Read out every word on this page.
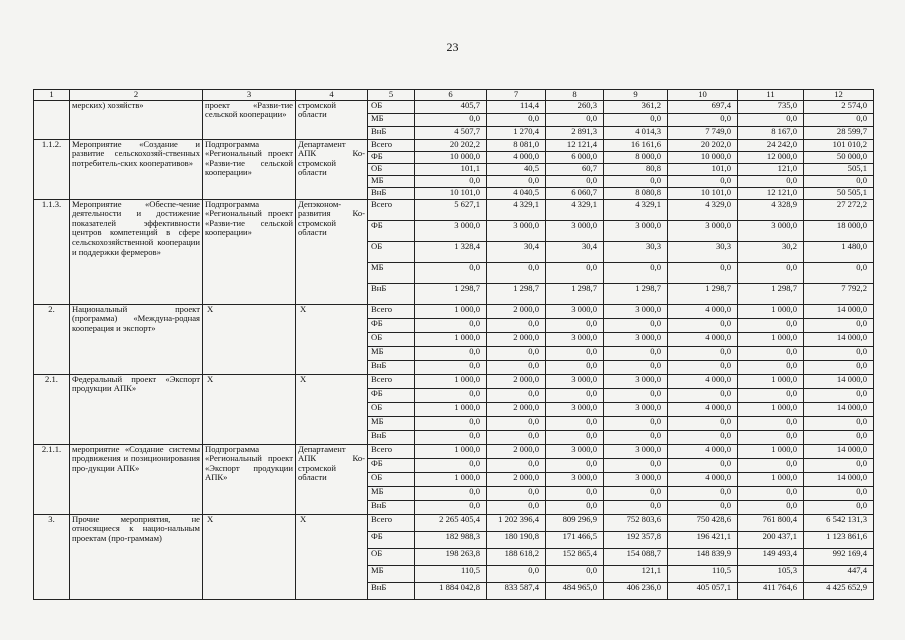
23
1	2	3	4	5	6	7	8	9	10	11	12
	мерских) хозяйств»	проект «Разви-тие сельской кооперации»	стромской области	ОБ	405,7	114,4	260,3	361,2	697,4	735,0	2 574,0
				МБ	0,0	0,0	0,0	0,0	0,0	0,0	0,0
				ВнБ	4 507,7	1 270,4	2 891,3	4 014,3	7 749,0	8 167,0	28 599,7
1.1.2.	Мероприятие «Создание и развитие сельскохозяй-ственных потребитель-ских кооперативов»	Подпрограмма «Региональный проект «Разви-тие сельской кооперации»	Департамент АПК Ко-стромской области	Всего	20 202,2	8 081,0	12 121,4	16 161,6	20 202,0	24 242,0	101 010,2
				ФБ	10 000,0	4 000,0	6 000,0	8 000,0	10 000,0	12 000,0	50 000,0
				ОБ	101,1	40,5	60,7	80,8	101,0	121,0	505,1
				МБ	0,0	0,0	0,0	0,0	0,0	0,0	0,0
				ВнБ	10 101,0	4 040,5	6 060,7	8 080,8	10 101,0	12 121,0	50 505,1
1.1.3.	Мероприятие «Обеспе-чение деятельности и достижение показателей эффективности центров компетенций в сфере сельскохозяйственной кооперации и поддержки фермеров»	Подпрограмма «Региональный проект «Разви-тие сельской кооперации»	Депэконом-развития Ко-стромской области	Всего	5 627,1	4 329,1	4 329,1	4 329,1	4 329,0	4 328,9	27 272,2
				ФБ	3 000,0	3 000,0	3 000,0	3 000,0	3 000,0	3 000,0	18 000,0
				ОБ	1 328,4	30,4	30,4	30,3	30,3	30,2	1 480,0
				МБ	0,0	0,0	0,0	0,0	0,0	0,0	0,0
				ВнБ	1 298,7	1 298,7	1 298,7	1 298,7	1 298,7	1 298,7	7 792,2
2.	Национальный проект (программа) «Междуна-родная кооперация и экспорт»	Х	Х	Всего	1 000,0	2 000,0	3 000,0	3 000,0	4 000,0	1 000,0	14 000,0
				ФБ	0,0	0,0	0,0	0,0	0,0	0,0	0,0
				ОБ	1 000,0	2 000,0	3 000,0	3 000,0	4 000,0	1 000,0	14 000,0
				МБ	0,0	0,0	0,0	0,0	0,0	0,0	0,0
				ВнБ	0,0	0,0	0,0	0,0	0,0	0,0	0,0
2.1.	Федеральный проект «Экспорт продукции АПК»	Х	Х	Всего	1 000,0	2 000,0	3 000,0	3 000,0	4 000,0	1 000,0	14 000,0
				ФБ	0,0	0,0	0,0	0,0	0,0	0,0	0,0
				ОБ	1 000,0	2 000,0	3 000,0	3 000,0	4 000,0	1 000,0	14 000,0
				МБ	0,0	0,0	0,0	0,0	0,0	0,0	0,0
				ВнБ	0,0	0,0	0,0	0,0	0,0	0,0	0,0
2.1.1.	мероприятие «Создание системы продвижения и позиционирования про-дукции АПК»	Подпрограмма «Региональный проект «Экспорт продукции АПК»	Департамент АПК Ко-стромской области	Всего	1 000,0	2 000,0	3 000,0	3 000,0	4 000,0	1 000,0	14 000,0
				ФБ	0,0	0,0	0,0	0,0	0,0	0,0	0,0
				ОБ	1 000,0	2 000,0	3 000,0	3 000,0	4 000,0	1 000,0	14 000,0
				МБ	0,0	0,0	0,0	0,0	0,0	0,0	0,0
				ВнБ	0,0	0,0	0,0	0,0	0,0	0,0	0,0
3.	Прочие мероприятия, не относящиеся к нацио-нальным проектам (про-граммам)	Х	Х	Всего	2 265 405,4	1 202 396,4	809 296,9	752 803,6	750 428,6	761 800,4	6 542 131,3
				ФБ	182 988,3	180 190,8	171 466,5	192 357,8	196 421,1	200 437,1	1 123 861,6
				ОБ	198 263,8	188 618,2	152 865,4	154 088,7	148 839,9	149 493,4	992 169,4
				МБ	110,5	0,0	0,0	121,1	110,5	105,3	447,4
				ВнБ	1 884 042,8	833 587,4	484 965,0	406 236,0	405 057,1	411 764,6	4 425 652,9
